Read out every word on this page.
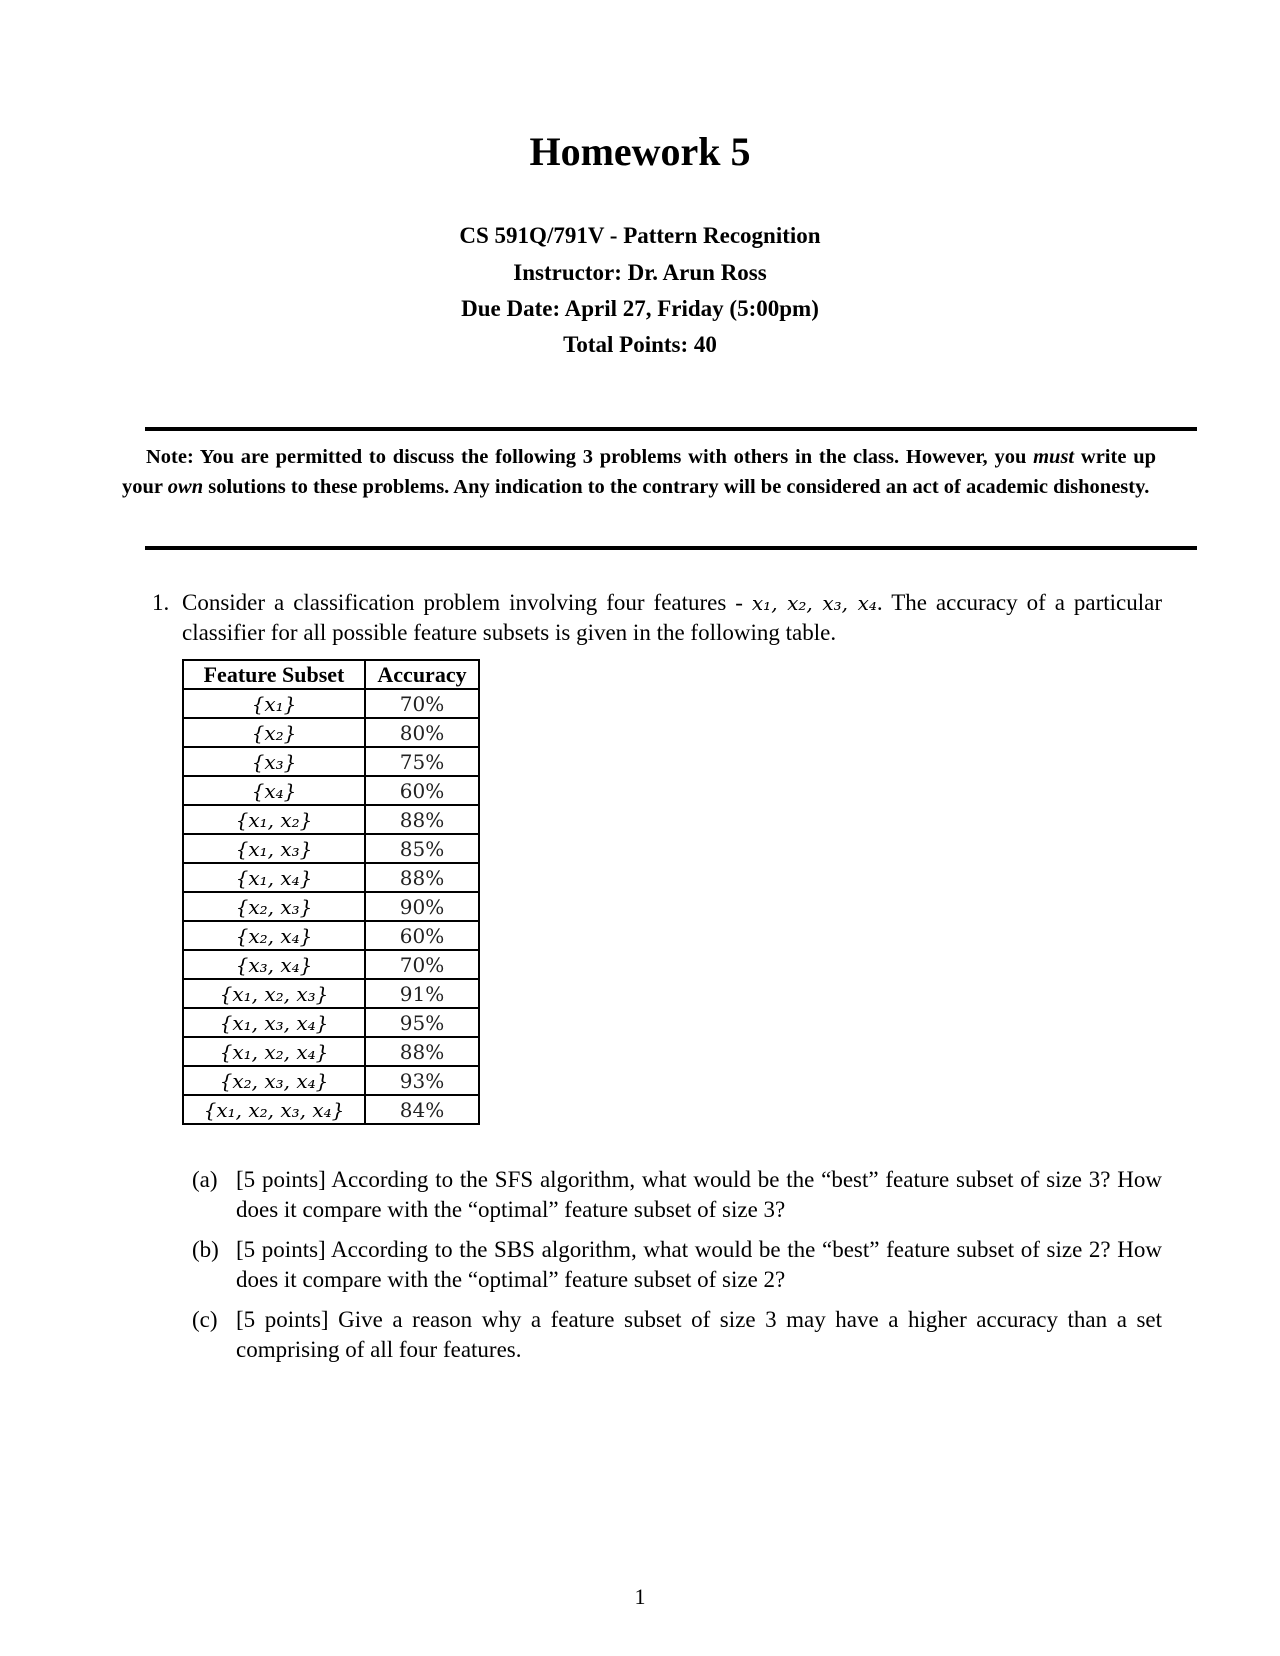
Homework 5
CS 591Q/791V - Pattern Recognition
Instructor: Dr. Arun Ross
Due Date: April 27, Friday (5:00pm)
Total Points: 40
Note: You are permitted to discuss the following 3 problems with others in the class. However, you must write up your own solutions to these problems. Any indication to the contrary will be considered an act of academic dishonesty.
1. Consider a classification problem involving four features - x₁, x₂, x₃, x₄. The accuracy of a particular classifier for all possible feature subsets is given in the following table.
Feature Subset	Accuracy
{x₁}	70%
{x₂}	80%
{x₃}	75%
{x₄}	60%
{x₁, x₂}	88%
{x₁, x₃}	85%
{x₁, x₄}	88%
{x₂, x₃}	90%
{x₂, x₄}	60%
{x₃, x₄}	70%
{x₁, x₂, x₃}	91%
{x₁, x₃, x₄}	95%
{x₁, x₂, x₄}	88%
{x₂, x₃, x₄}	93%
{x₁, x₂, x₃, x₄}	84%
(a) [5 points] According to the SFS algorithm, what would be the “best” feature subset of size 3? How does it compare with the “optimal” feature subset of size 3?
(b) [5 points] According to the SBS algorithm, what would be the “best” feature subset of size 2? How does it compare with the “optimal” feature subset of size 2?
(c) [5 points] Give a reason why a feature subset of size 3 may have a higher accuracy than a set comprising of all four features.
1
